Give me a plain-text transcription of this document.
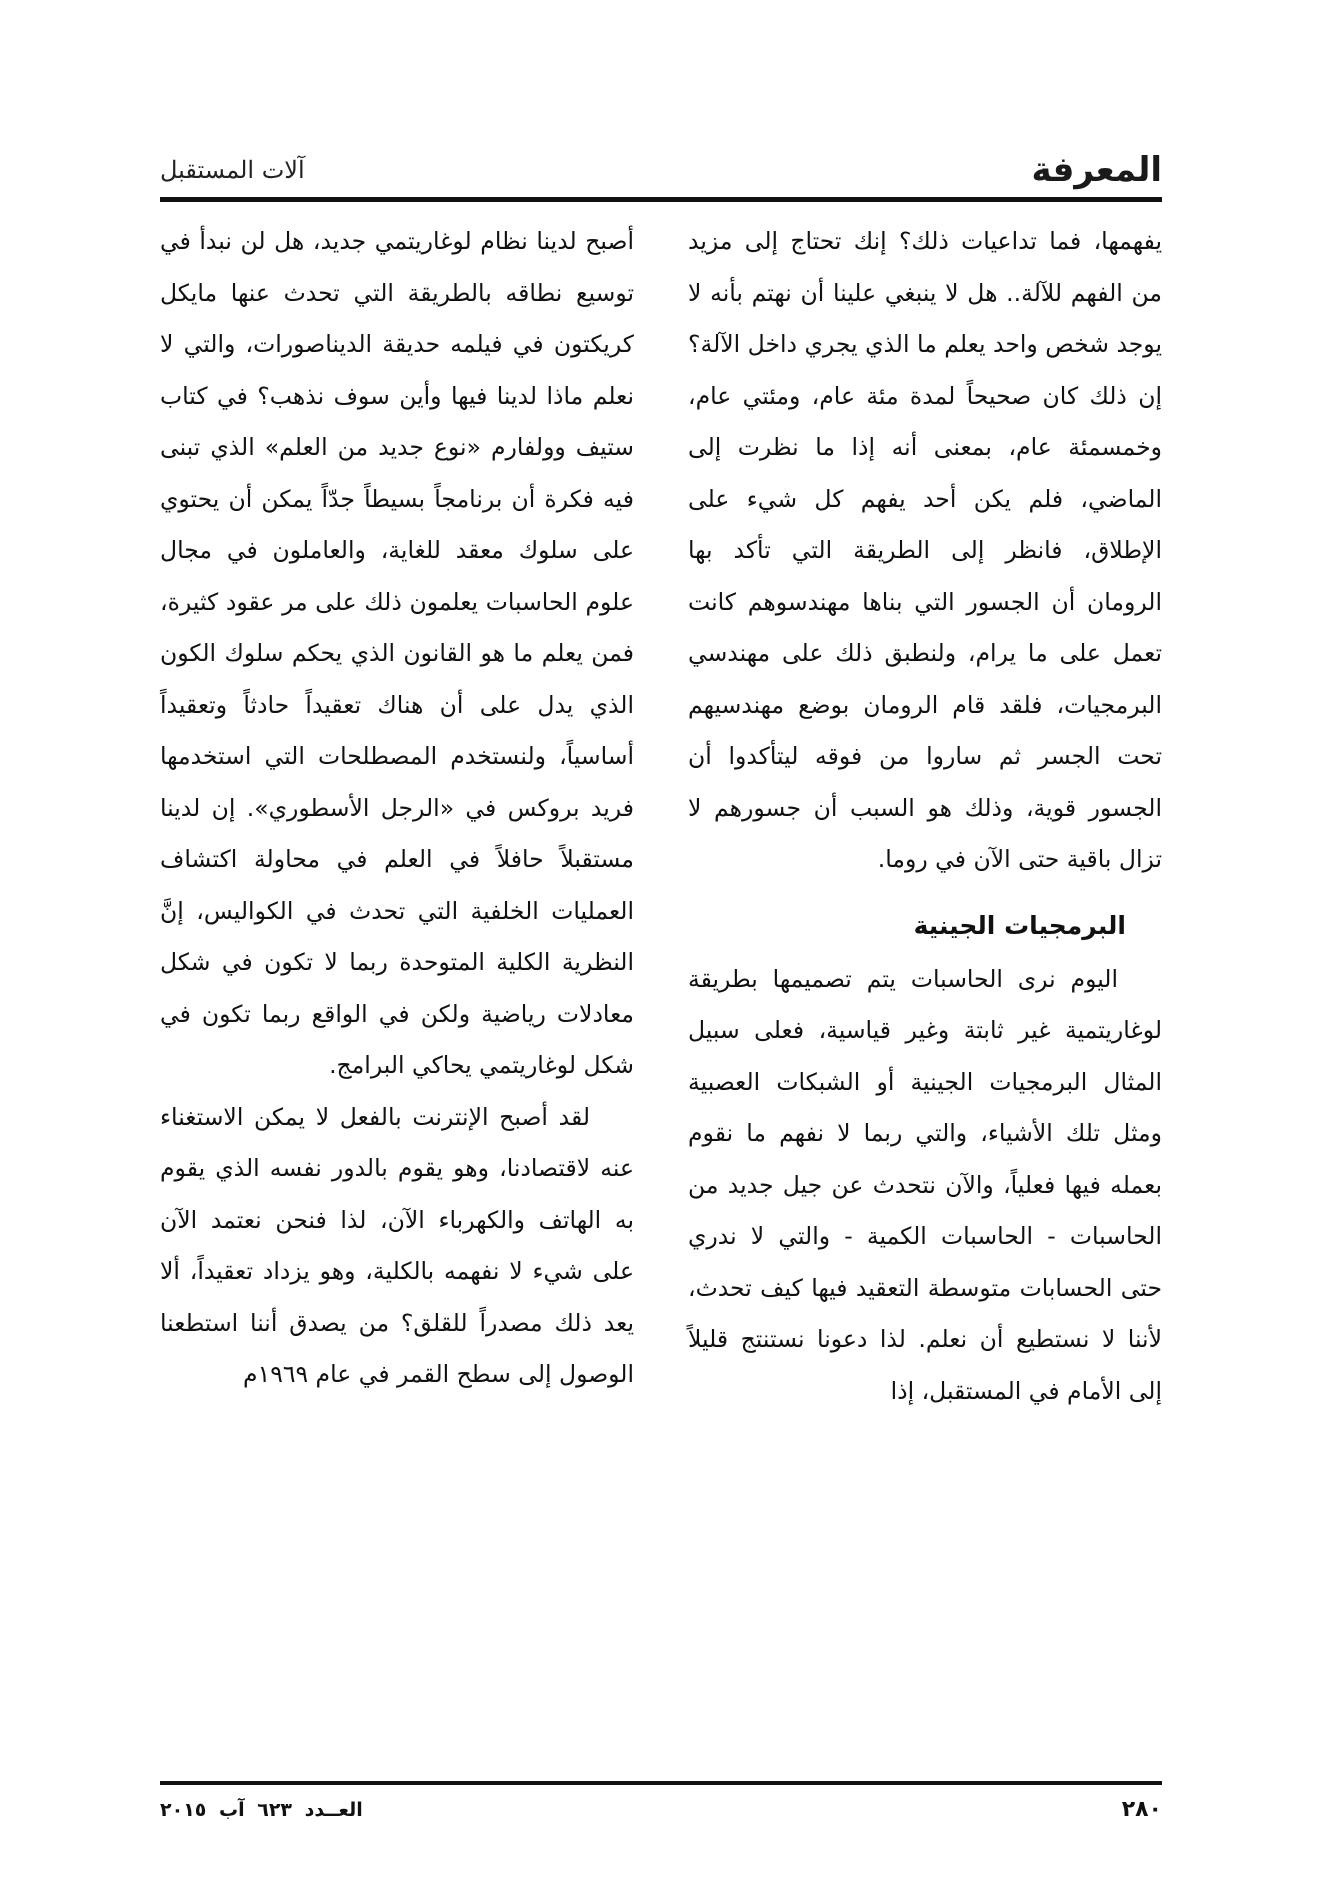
المعرفة
آلات المستقبل

يفهمها، فما تداعيات ذلك؟ إنك تحتاج إلى مزيد من الفهم للآلة.. هل لا ينبغي علينا أن نهتم بأنه لا يوجد شخص واحد يعلم ما الذي يجري داخل الآلة؟ إن ذلك كان صحيحاً لمدة مئة عام، ومئتي عام، وخمسمئة عام، بمعنى أنه إذا ما نظرت إلى الماضي، فلم يكن أحد يفهم كل شيء على الإطلاق، فانظر إلى الطريقة التي تأكد بها الرومان أن الجسور التي بناها مهندسوهم كانت تعمل على ما يرام، ولنطبق ذلك على مهندسي البرمجيات، فلقد قام الرومان بوضع مهندسيهم تحت الجسر ثم ساروا من فوقه ليتأكدوا أن الجسور قوية، وذلك هو السبب أن جسورهم لا تزال باقية حتى الآن في روما.

البرمجيات الجينية

اليوم نرى الحاسبات يتم تصميمها بطريقة لوغاريتمية غير ثابتة وغير قياسية، فعلى سبيل المثال البرمجيات الجينية أو الشبكات العصبية ومثل تلك الأشياء، والتي ربما لا نفهم ما نقوم بعمله فيها فعلياً، والآن نتحدث عن جيل جديد من الحاسبات - الحاسبات الكمية - والتي لا ندري حتى الحسابات متوسطة التعقيد فيها كيف تحدث، لأننا لا نستطيع أن نعلم. لذا دعونا نستنتج قليلاً إلى الأمام في المستقبل، إذا

أصبح لدينا نظام لوغاريتمي جديد، هل لن نبدأ في توسيع نطاقه بالطريقة التي تحدث عنها مايكل كريكتون في فيلمه حديقة الديناصورات، والتي لا نعلم ماذا لدينا فيها وأين سوف نذهب؟ في كتاب ستيف وولفارم «نوع جديد من العلم» الذي تبنى فيه فكرة أن برنامجاً بسيطاً جدّاً يمكن أن يحتوي على سلوك معقد للغاية، والعاملون في مجال علوم الحاسبات يعلمون ذلك على مر عقود كثيرة، فمن يعلم ما هو القانون الذي يحكم سلوك الكون الذي يدل على أن هناك تعقيداً حادثاً وتعقيداً أساسياً، ولنستخدم المصطلحات التي استخدمها فريد بروكس في «الرجل الأسطوري». إن لدينا مستقبلاً حافلاً في العلم في محاولة اكتشاف العمليات الخلفية التي تحدث في الكواليس، إنَّ النظرية الكلية المتوحدة ربما لا تكون في شكل معادلات رياضية ولكن في الواقع ربما تكون في شكل لوغاريتمي يحاكي البرامج.

لقد أصبح الإنترنت بالفعل لا يمكن الاستغناء عنه لاقتصادنا، وهو يقوم بالدور نفسه الذي يقوم به الهاتف والكهرباء الآن، لذا فنحن نعتمد الآن على شيء لا نفهمه بالكلية، وهو يزداد تعقيداً، ألا يعد ذلك مصدراً للقلق؟ من يصدق أننا استطعنا الوصول إلى سطح القمر في عام ١٩٦٩م

٢٨٠
العــدد ٦٢٣ آب ٢٠١٥
